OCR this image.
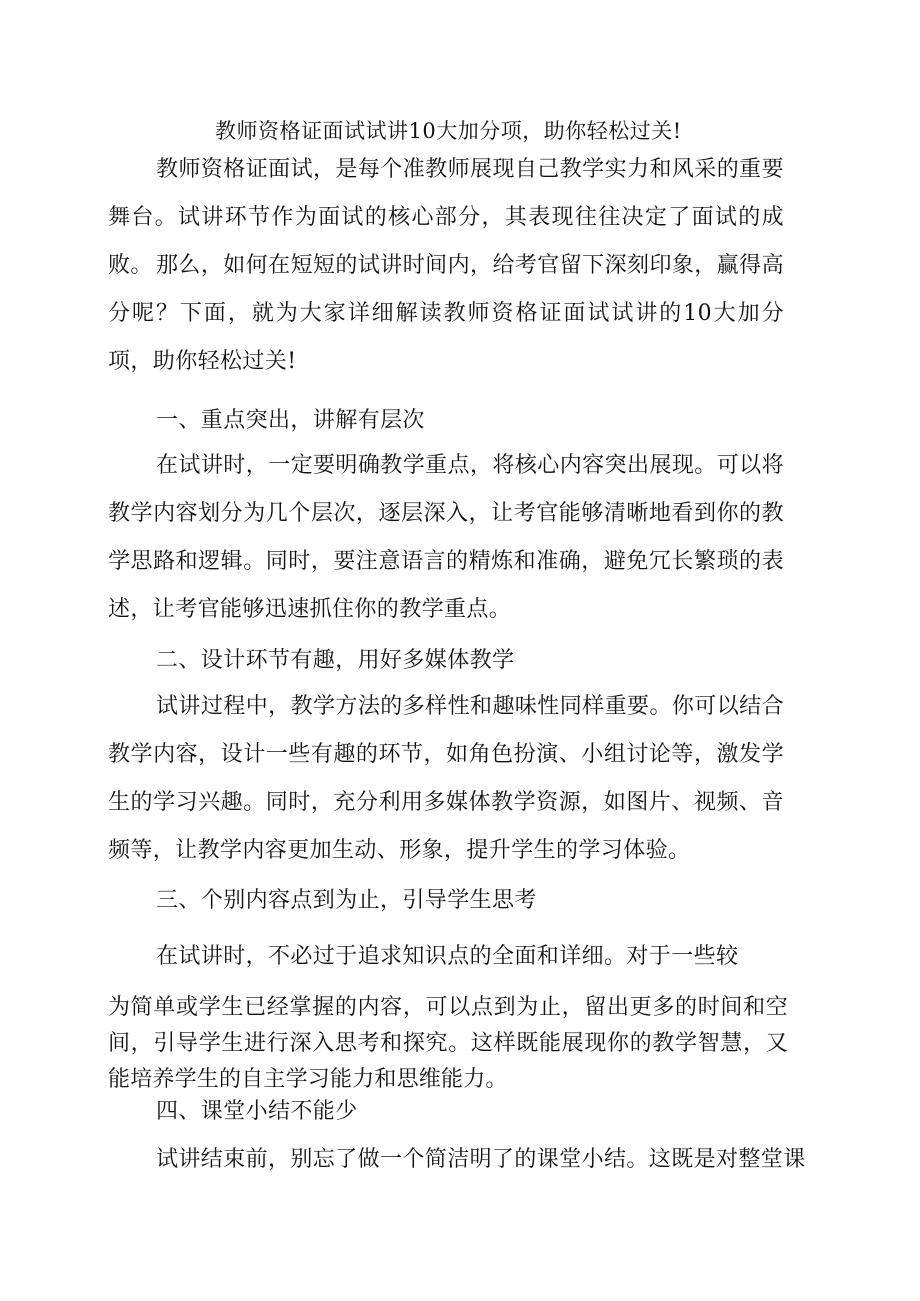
教师资格证面试试讲10大加分项，助你轻松过关!

教师资格证面试，是每个准教师展现自己教学实力和风采的重要舞台。试讲环节作为面试的核心部分，其表现往往决定了面试的成败。 那么，如何在短短的试讲时间内，给考官留下深刻印象，赢得高分呢？下面，就为大家详细解读教师资格证面试试讲的10大加分项，助你轻松过关!

一、重点突出，讲解有层次

在试讲时，一定要明确教学重点，将核心内容突出展现。可以将教学内容划分为几个层次，逐层深入，让考官能够清晰地看到你的教学思路和逻辑。同时，要注意语言的精炼和准确，避免冗长繁琐的表述，让考官能够迅速抓住你的教学重点。

二、设计环节有趣，用好多媒体教学

试讲过程中，教学方法的多样性和趣味性同样重要。你可以结合教学内容，设计一些有趣的环节，如角色扮演、小组讨论等，激发学生的学习兴趣。同时，充分利用多媒体教学资源，如图片、视频、音频等，让教学内容更加生动、形象，提升学生的学习体验。

三、个别内容点到为止，引导学生思考
在试讲时，不必过于追求知识点的全面和详细。对于一些较

为简单或学生已经掌握的内容，可以点到为止，留出更多的时间和空间，引导学生进行深入思考和探究。这样既能展现你的教学智慧，又能培养学生的自主学习能力和思维能力。

四、课堂小结不能少
试讲结束前，别忘了做一个简洁明了的课堂小结。这既是对整堂课
